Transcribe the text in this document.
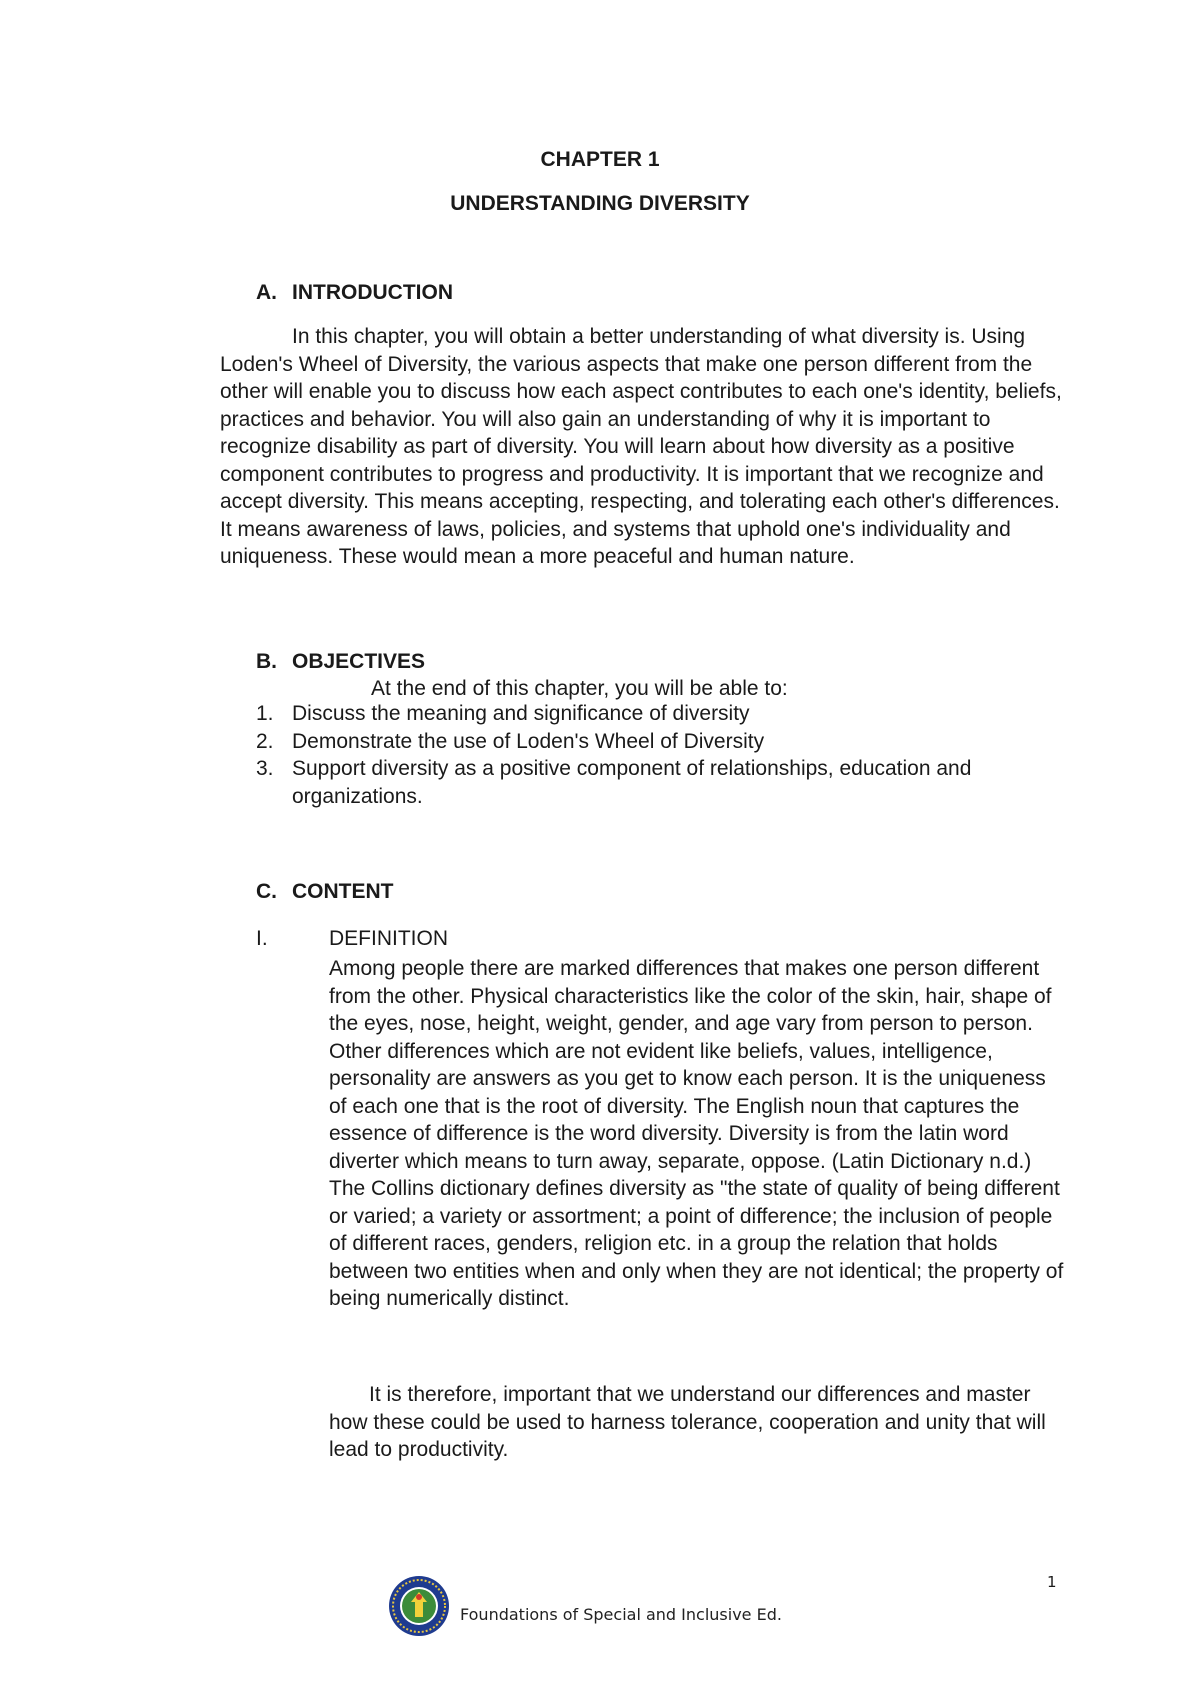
CHAPTER 1
UNDERSTANDING DIVERSITY
A. INTRODUCTION
In this chapter, you will obtain a better understanding of what diversity is. Using Loden's Wheel of Diversity, the various aspects that make one person different from the other will enable you to discuss how each aspect contributes to each one's identity, beliefs, practices and behavior. You will also gain an understanding of why it is important to recognize disability as part of diversity. You will learn about how diversity as a positive component contributes to progress and productivity. It is important that we recognize and accept diversity. This means accepting, respecting, and tolerating each other's differences. It means awareness of laws, policies, and systems that uphold one's individuality and uniqueness. These would mean a more peaceful and human nature.
B. OBJECTIVES
At the end of this chapter, you will be able to:
1. Discuss the meaning and significance of diversity
2. Demonstrate the use of Loden's Wheel of Diversity
3. Support diversity as a positive component of relationships, education and organizations.
C. CONTENT
I.	DEFINITION
Among people there are marked differences that makes one person different from the other. Physical characteristics like the color of the skin, hair, shape of the eyes, nose, height, weight, gender, and age vary from person to person. Other differences which are not evident like beliefs, values, intelligence, personality are answers as you get to know each person. It is the uniqueness of each one that is the root of diversity. The English noun that captures the essence of difference is the word diversity. Diversity is from the latin word diverter which means to turn away, separate, oppose. (Latin Dictionary n.d.) The Collins dictionary defines diversity as "the state of quality of being different or varied; a variety or assortment; a point of difference; the inclusion of people of different races, genders, religion etc. in a group the relation that holds between two entities when and only when they are not identical; the property of being numerically distinct.
It is therefore, important that we understand our differences and master how these could be used to harness tolerance, cooperation and unity that will lead to productivity.
Foundations of Special and Inclusive Ed.
1
